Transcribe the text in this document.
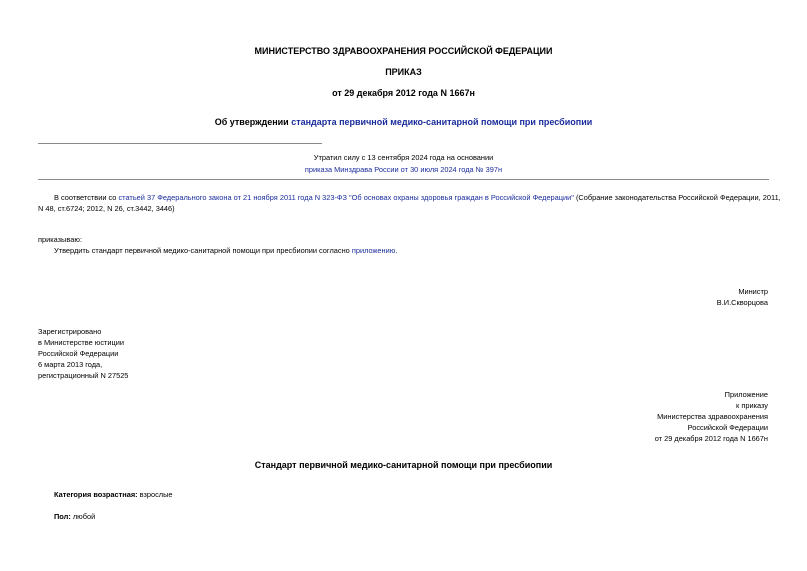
МИНИСТЕРСТВО ЗДРАВООХРАНЕНИЯ РОССИЙСКОЙ ФЕДЕРАЦИИ
ПРИКАЗ
от 29 декабря 2012 года N 1667н
Об утверждении стандарта первичной медико-санитарной помощи при пресбиопии
Утратил силу с 13 сентября 2024 года на основании
приказа Минздрава России от 30 июля 2024 года № 397н
В соответствии со статьей 37 Федерального закона от 21 ноября 2011 года N 323-ФЗ "Об основах охраны здоровья граждан в Российской Федерации" (Собрание законодательства Российской Федерации, 2011,
N 48, ст.6724; 2012, N 26, ст.3442, 3446)
приказываю:
Утвердить стандарт первичной медико-санитарной помощи при пресбиопии согласно приложению.
Министр
В.И.Скворцова
Зарегистрировано
в Министерстве юстиции
Российской Федерации
6 марта 2013 года,
регистрационный N 27525
Приложение
к приказу
Министерства здравоохранения
Российской Федерации
от 29 декабря 2012 года N 1667н
Стандарт первичной медико-санитарной помощи при пресбиопии
Категория возрастная: взрослые
Пол: любой
